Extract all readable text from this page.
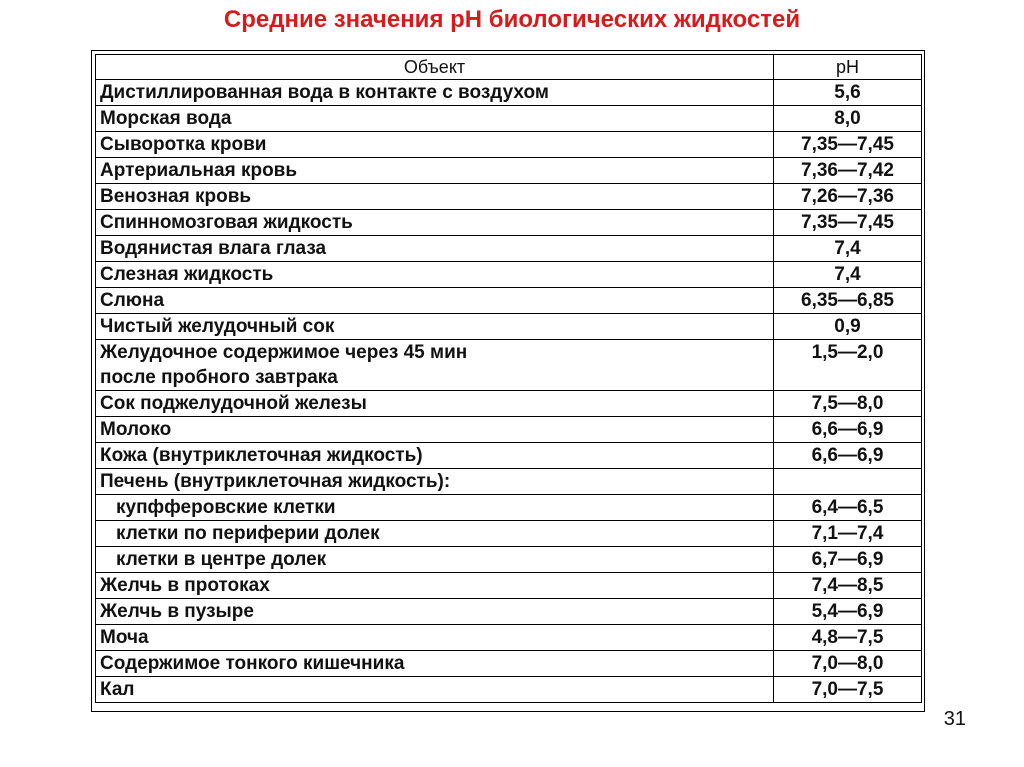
Средние значения pH биологических жидкостей
Объект	pH
Дистиллированная вода в контакте с воздухом	5,6
Морская вода	8,0
Сыворотка крови	7,35—7,45
Артериальная кровь	7,36—7,42
Венозная кровь	7,26—7,36
Спинномозговая жидкость	7,35—7,45
Водянистая влага глаза	7,4
Слезная жидкость	7,4
Слюна	6,35—6,85
Чистый желудочный сок	0,9

Желудочное содержимое через 45 мин
после пробного завтрака	1,5—2,0
Сок поджелудочной железы	7,5—8,0
Молоко	6,6—6,9
Кожа (внутриклеточная жидкость)	6,6—6,9
Печень (внутриклеточная жидкость):	
купфферовские клетки	6,4—6,5
клетки по периферии долек	7,1—7,4
клетки в центре долек	6,7—6,9
Желчь в протоках	7,4—8,5
Желчь в пузыре	5,4—6,9
Моча	4,8—7,5
Содержимое тонкого кишечника	7,0—8,0
Кал	7,0—7,5
31
